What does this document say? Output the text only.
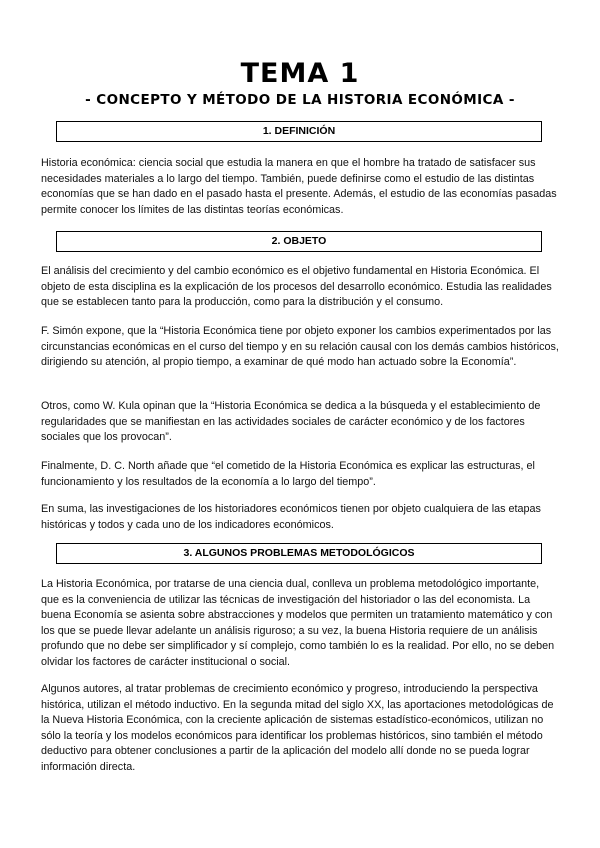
TEMA 1
- CONCEPTO Y MÉTODO DE LA HISTORIA ECONÓMICA -
1. DEFINICIÓN
Historia económica: ciencia social que estudia la manera en que el hombre ha tratado de satisfacer sus necesidades materiales a lo largo del tiempo. También, puede definirse como el estudio de las distintas economías que se han dado en el pasado hasta el presente. Además, el estudio de las economías pasadas permite conocer los límites de las distintas teorías económicas.
2. OBJETO
El análisis del crecimiento y del cambio económico es el objetivo fundamental en Historia Económica. El objeto de esta disciplina es la explicación de los procesos del desarrollo económico. Estudia las realidades que se establecen tanto para la producción, como para la distribución y el consumo.
F. Simón expone, que la “Historia Económica tiene por objeto exponer los cambios experimentados por las circunstancias económicas en el curso del tiempo y en su relación causal con los demás cambios históricos, dirigiendo su atención, al propio tiempo, a examinar de qué modo han actuado sobre la Economía”.
Otros, como W. Kula opinan que la “Historia Económica se dedica a la búsqueda y el establecimiento de regularidades que se manifiestan en las actividades sociales de carácter económico y de los factores sociales que los provocan”.
Finalmente, D. C. North añade que “el cometido de la Historia Económica es explicar las estructuras, el funcionamiento y los resultados de la economía a lo largo del tiempo”.
En suma, las investigaciones de los historiadores económicos tienen por objeto cualquiera de las etapas históricas y todos y cada uno de los indicadores económicos.
3. ALGUNOS PROBLEMAS METODOLÓGICOS
La Historia Económica, por tratarse de una ciencia dual, conlleva un problema metodológico importante, que es la conveniencia de utilizar las técnicas de investigación del historiador o las del economista. La buena Economía se asienta sobre abstracciones y modelos que permiten un tratamiento matemático y con los que se puede llevar adelante un análisis riguroso; a su vez, la buena Historia requiere de un análisis profundo que no debe ser simplificador y sí complejo, como también lo es la realidad. Por ello, no se deben olvidar los factores de carácter institucional o social.
Algunos autores, al tratar problemas de crecimiento económico y progreso, introduciendo la perspectiva histórica, utilizan el método inductivo. En la segunda mitad del siglo XX, las aportaciones metodológicas de la Nueva Historia Económica, con la creciente aplicación de sistemas estadístico-económicos, utilizan no sólo la teoría y los modelos económicos para identificar los problemas históricos, sino también el método deductivo para obtener conclusiones a partir de la aplicación del modelo allí donde no se pueda lograr información directa.
